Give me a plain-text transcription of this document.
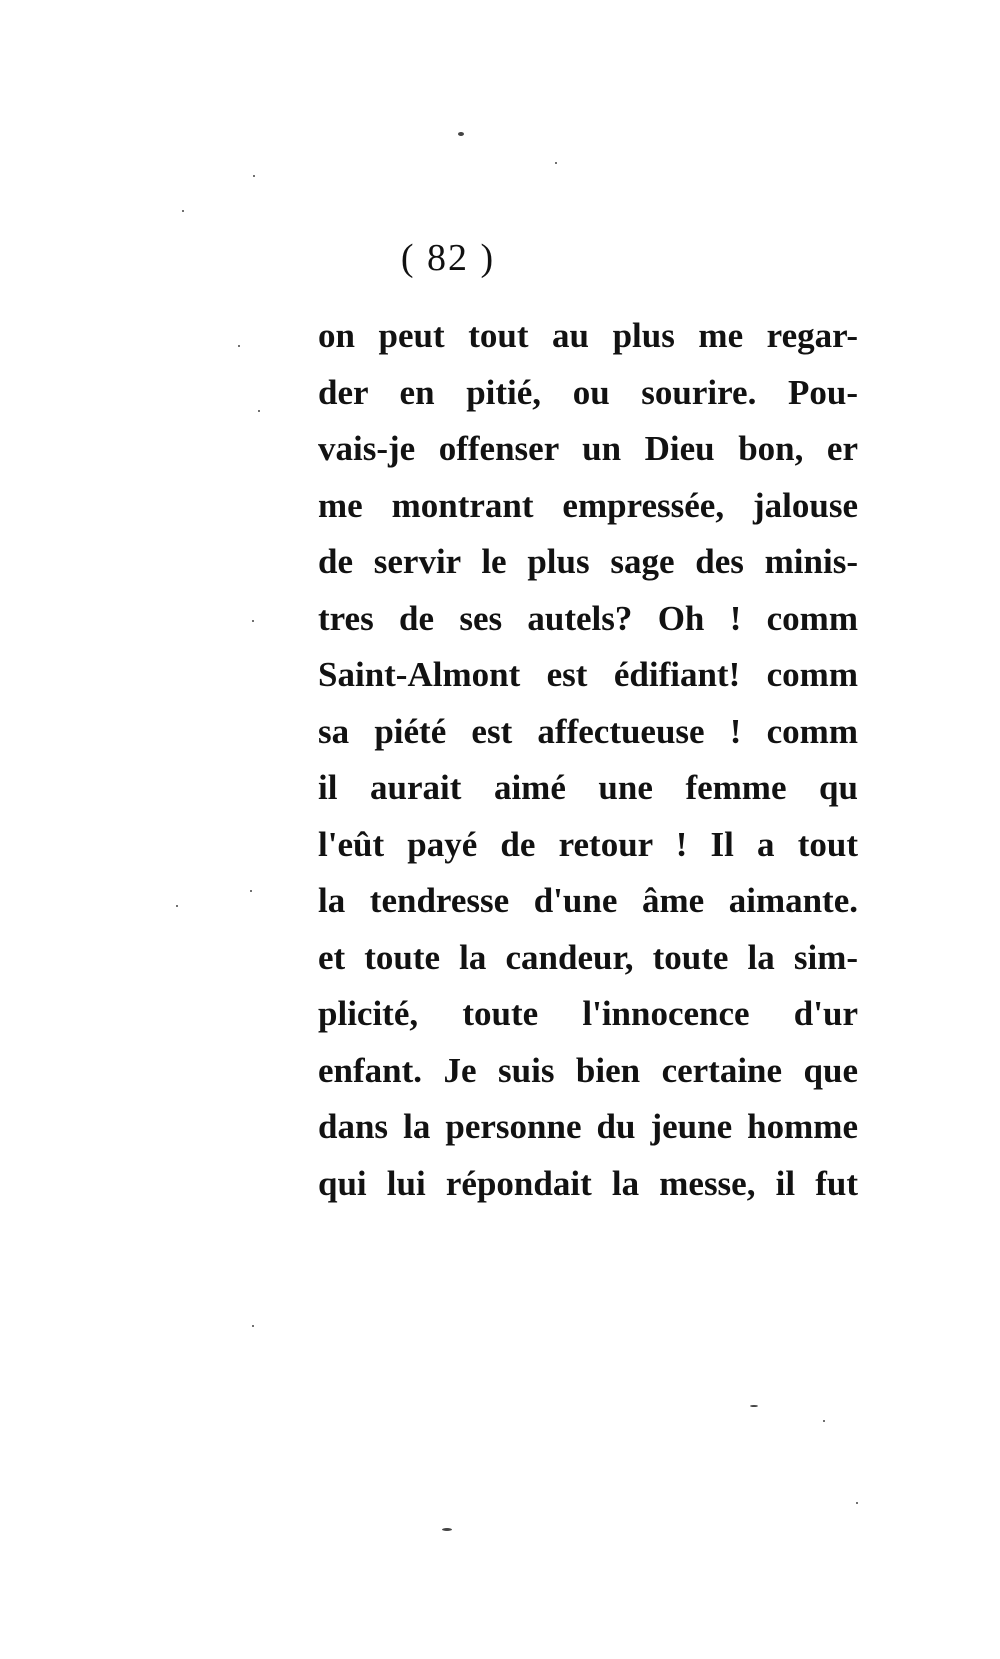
( 82 )
on peut tout au plus me regar-
der en pitié, ou sourire. Pou-
vais-je offenser un Dieu bon, er
me montrant empressée, jalouse
de servir le plus sage des minis-
tres de ses autels? Oh ! comm
Saint-Almont est édifiant! comm
sa piété est affectueuse ! comm
il aurait aimé une femme qu
l'eût payé de retour ! Il a tout
la tendresse d'une âme aimante.
et toute la candeur, toute la sim-
plicité, toute l'innocence d'ur
enfant. Je suis bien certaine que
dans la personne du jeune homme
qui lui répondait la messe, il fut
